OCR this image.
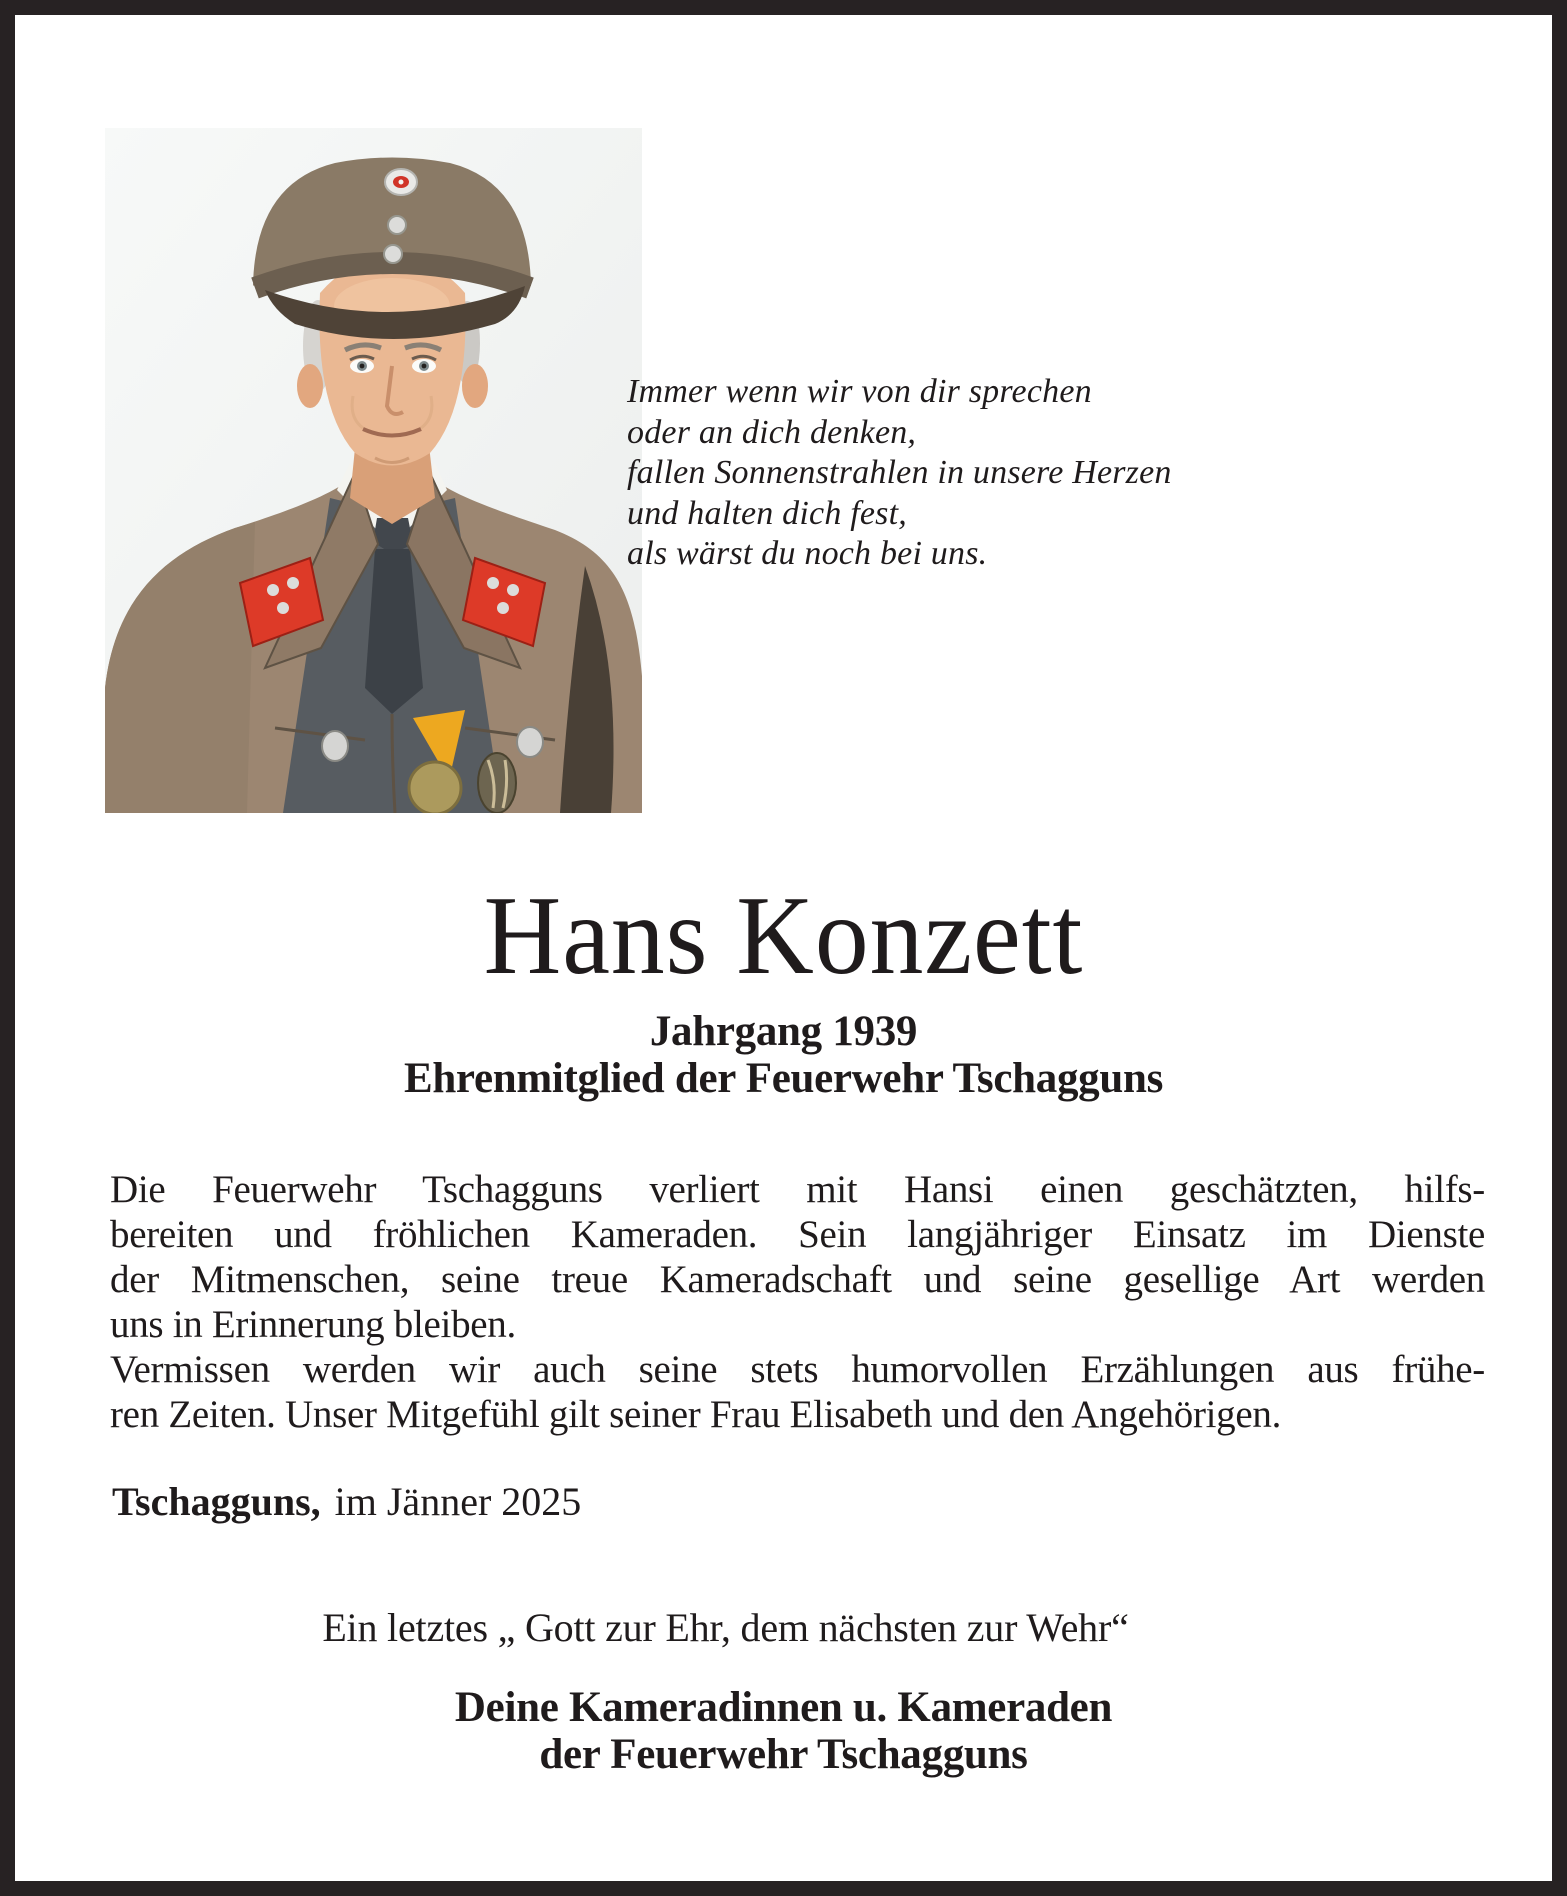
Immer wenn wir von dir sprechen
oder an dich denken,
fallen Sonnenstrahlen in unsere Herzen
und halten dich fest,
als wärst du noch bei uns.
Hans Konzett
Jahrgang 1939
Ehrenmitglied der Feuerwehr Tschagguns

Die Feuerwehr Tschagguns verliert mit Hansi einen geschätzten, hilfs-

bereiten und fröhlichen Kameraden. Sein langjähriger Einsatz im Dienste

der Mitmenschen, seine treue Kameradschaft und seine gesellige Art werden

uns in Erinnerung bleiben.

Vermissen werden wir auch seine stets humorvollen Erzählungen aus frühe-

ren Zeiten. Unser Mitgefühl gilt seiner Frau Elisabeth und den Angehörigen.

Tschagguns, im Jänner 2025
Ein letztes „ Gott zur Ehr, dem nächsten zur Wehr“
Deine Kameradinnen u. Kameraden
der Feuerwehr Tschagguns
